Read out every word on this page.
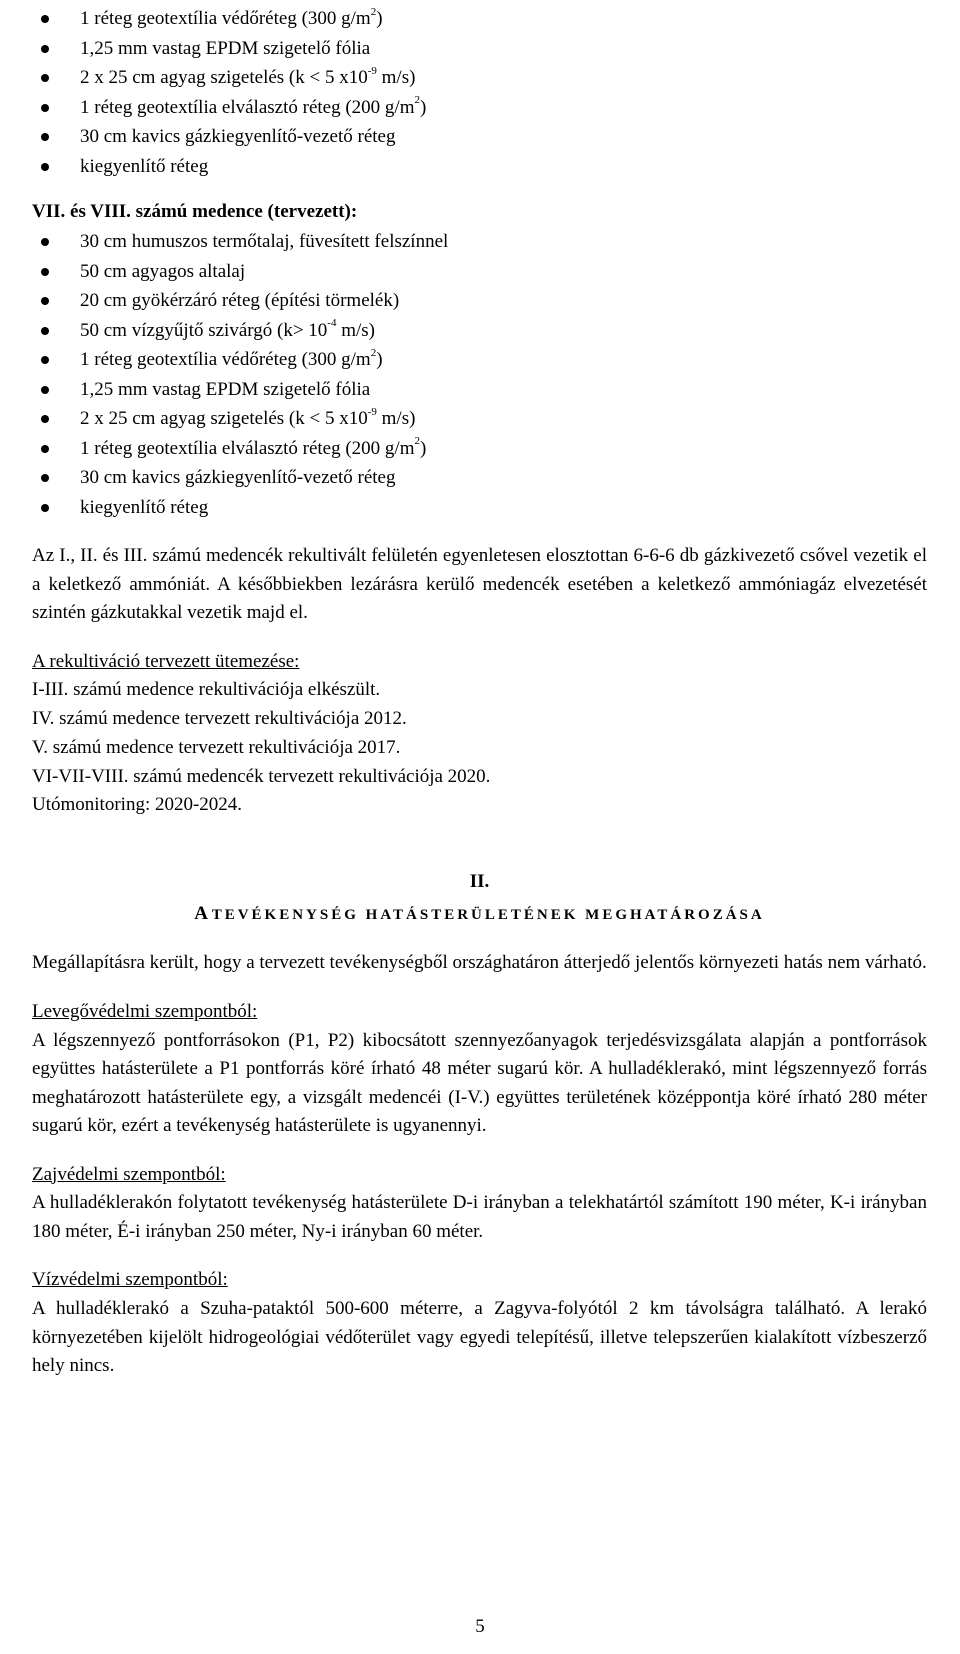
1 réteg geotextília védőréteg (300 $g/m^2$)
1,25 mm vastag EPDM szigetelő fólia
2 x 25 cm agyag szigetelés (k < 5 $x10^{-9}$ m/s)
1 réteg geotextília elválasztó réteg (200 $g/m^2$)
30 cm kavics gázkiegyenlítő-vezető réteg
kiegyenlítő réteg
VII. és VIII. számú medence (tervezett):
30 cm humuszos termőtalaj, füvesített felszínnel
50 cm agyagos altalaj
20 cm gyökérzáró réteg (építési törmelék)
50 cm vízgyűjtő szivárgó ($k> 10^{-4}$ m/s)
1 réteg geotextília védőréteg (300 $g/m^2$)
1,25 mm vastag EPDM szigetelő fólia
2 x 25 cm agyag szigetelés (k < 5 $x10^{-9}$ m/s)
1 réteg geotextília elválasztó réteg (200 $g/m^2$)
30 cm kavics gázkiegyenlítő-vezető réteg
kiegyenlítő réteg

Az I., II. és III. számú medencék rekultivált felületén egyenletesen elosztottan 6-6-6 db gázkivezető csővel vezetik el a keletkező ammóniát. A későbbiekben lezárásra kerülő medencék esetében a keletkező ammóniagáz elvezetését szintén gázkutakkal vezetik majd el.

A rekultiváció tervezett ütemezése:
I-III. számú medence rekultivációja elkészült.
IV. számú medence tervezett rekultivációja 2012.
V. számú medence tervezett rekultivációja 2017.
VI-VII-VIII. számú medencék tervezett rekultivációja 2020.
Utómonitoring: 2020-2024.
II.
A TEVÉKENYSÉG HATÁSTERÜLETÉNEK MEGHATÁROZÁSA

Megállapításra került, hogy a tervezett tevékenységből országhatáron átterjedő jelentős környezeti hatás nem várható.

Levegővédelmi szempontból:

A légszennyező pontforrásokon (P1, P2) kibocsátott szennyezőanyagok terjedésvizsgálata alapján a pontforrások együttes hatásterülete a P1 pontforrás köré írható 48 méter sugarú kör. A hulladéklerakó, mint légszennyező forrás meghatározott hatásterülete egy, a vizsgált medencéi (I-V.) együttes területének középpontja köré írható 280 méter sugarú kör, ezért a tevékenység hatásterülete is ugyanennyi.

Zajvédelmi szempontból:

A hulladéklerakón folytatott tevékenység hatásterülete D-i irányban a telekhatártól számított 190 méter, K-i irányban 180 méter, É-i irányban 250 méter, Ny-i irányban 60 méter.

Vízvédelmi szempontból:

A hulladéklerakó a Szuha-pataktól 500-600 méterre, a Zagyva-folyótól 2 km távolságra található. A lerakó környezetében kijelölt hidrogeológiai védőterület vagy egyedi telepítésű, illetve telepszerűen kialakított vízbeszerző hely nincs.

5
